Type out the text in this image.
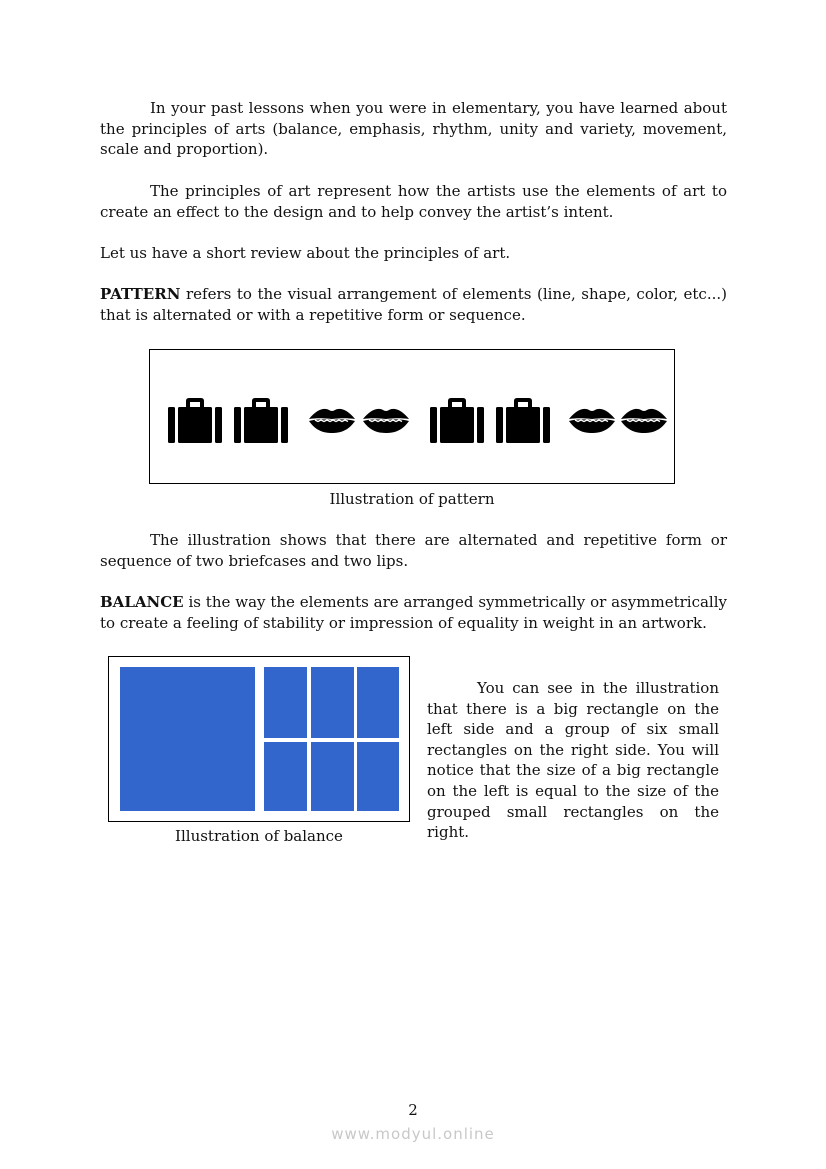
In your past lessons when you were in elementary, you have learned about the principles of arts (balance, emphasis, rhythm, unity and variety, movement, scale and proportion).

The principles of art represent how the artists use the elements of art to create an effect to the design and to help convey the artist’s intent.

Let us have a short review about the principles of art.

PATTERN refers to the visual arrangement of elements (line, shape, color, etc...) that is alternated or with a repetitive form or sequence.

Illustration of pattern

The illustration shows that there are alternated and repetitive form or sequence of two briefcases and two lips.

BALANCE is the way the elements are arranged symmetrically or asymmetrically to create a feeling of stability or impression of equality in weight in an artwork.

Illustration of balance

You can see in the illustration that there is a big rectangle on the left side and a group of six small rectangles on the right side. You will notice that the size of a big rectangle on the left is equal to the size of the grouped small rectangles on the right.

2

www.modyul.online
